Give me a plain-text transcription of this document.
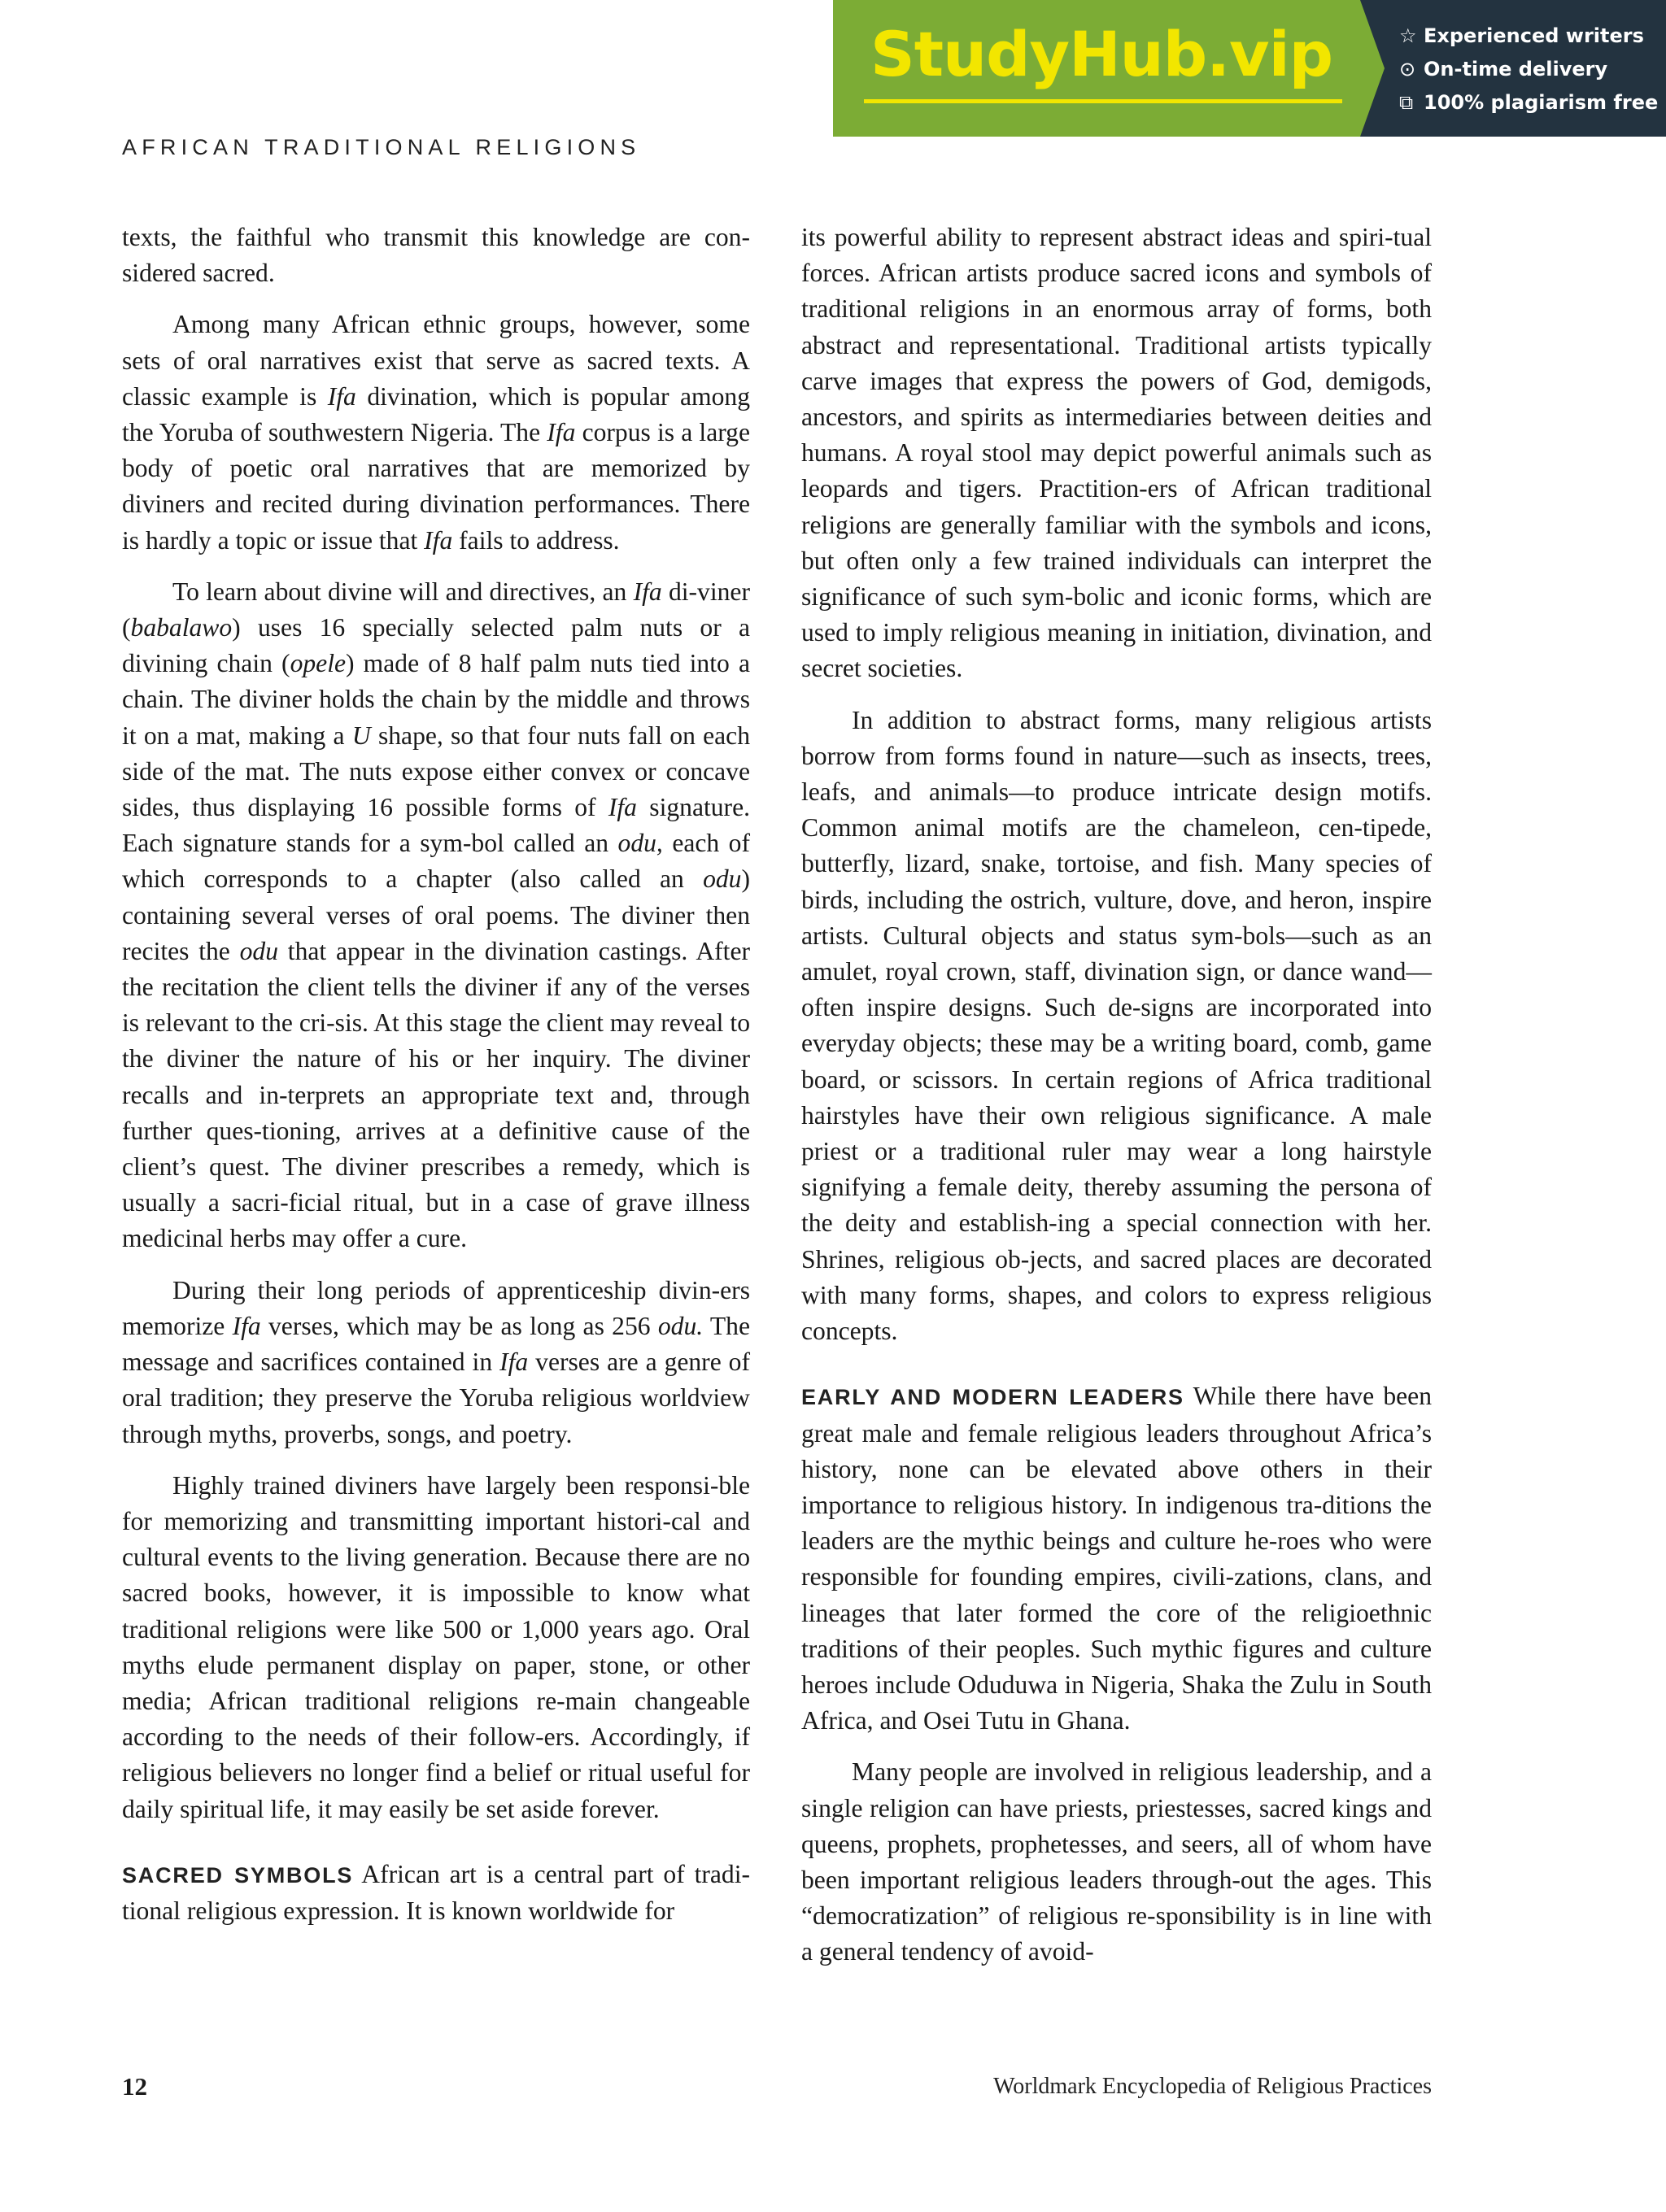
StudyHub.vip	☆ Experienced writers
⊙ On-time delivery
⧉ 100% plagiarism free
AFRICAN TRADITIONAL RELIGIONS

texts, the faithful who transmit this knowledge are con-sidered sacred.

Among many African ethnic groups, however, some sets of oral narratives exist that serve as sacred texts. A classic example is Ifa divination, which is popular among the Yoruba of southwestern Nigeria. The Ifa corpus is a large body of poetic oral narratives that are memorized by diviners and recited during divination performances. There is hardly a topic or issue that Ifa fails to address.

To learn about divine will and directives, an Ifa di-viner (babalawo) uses 16 specially selected palm nuts or a divining chain (opele) made of 8 half palm nuts tied into a chain. The diviner holds the chain by the middle and throws it on a mat, making a U shape, so that four nuts fall on each side of the mat. The nuts expose either convex or concave sides, thus displaying 16 possible forms of Ifa signature. Each signature stands for a sym-bol called an odu, each of which corresponds to a chapter (also called an odu) containing several verses of oral poems. The diviner then recites the odu that appear in the divination castings. After the recitation the client tells the diviner if any of the verses is relevant to the cri-sis. At this stage the client may reveal to the diviner the nature of his or her inquiry. The diviner recalls and in-terprets an appropriate text and, through further ques-tioning, arrives at a definitive cause of the client’s quest. The diviner prescribes a remedy, which is usually a sacri-ficial ritual, but in a case of grave illness medicinal herbs may offer a cure.

During their long periods of apprenticeship divin-ers memorize Ifa verses, which may be as long as 256 odu. The message and sacrifices contained in Ifa verses are a genre of oral tradition; they preserve the Yoruba religious worldview through myths, proverbs, songs, and poetry.

Highly trained diviners have largely been responsi-ble for memorizing and transmitting important histori-cal and cultural events to the living generation. Because there are no sacred books, however, it is impossible to know what traditional religions were like 500 or 1,000 years ago. Oral myths elude permanent display on paper, stone, or other media; African traditional religions re-main changeable according to the needs of their follow-ers. Accordingly, if religious believers no longer find a belief or ritual useful for daily spiritual life, it may easily be set aside forever.

SACRED SYMBOLS African art is a central part of tradi-tional religious expression. It is known worldwide for

its powerful ability to represent abstract ideas and spiri-tual forces. African artists produce sacred icons and symbols of traditional religions in an enormous array of forms, both abstract and representational. Traditional artists typically carve images that express the powers of God, demigods, ancestors, and spirits as intermediaries between deities and humans. A royal stool may depict powerful animals such as leopards and tigers. Practition-ers of African traditional religions are generally familiar with the symbols and icons, but often only a few trained individuals can interpret the significance of such sym-bolic and iconic forms, which are used to imply religious meaning in initiation, divination, and secret societies.

In addition to abstract forms, many religious artists borrow from forms found in nature—such as insects, trees, leafs, and animals—to produce intricate design motifs. Common animal motifs are the chameleon, cen-tipede, butterfly, lizard, snake, tortoise, and fish. Many species of birds, including the ostrich, vulture, dove, and heron, inspire artists. Cultural objects and status sym-bols—such as an amulet, royal crown, staff, divination sign, or dance wand—often inspire designs. Such de-signs are incorporated into everyday objects; these may be a writing board, comb, game board, or scissors. In certain regions of Africa traditional hairstyles have their own religious significance. A male priest or a traditional ruler may wear a long hairstyle signifying a female deity, thereby assuming the persona of the deity and establish-ing a special connection with her. Shrines, religious ob-jects, and sacred places are decorated with many forms, shapes, and colors to express religious concepts.

EARLY AND MODERN LEADERS While there have been great male and female religious leaders throughout Africa’s history, none can be elevated above others in their importance to religious history. In indigenous tra-ditions the leaders are the mythic beings and culture he-roes who were responsible for founding empires, civili-zations, clans, and lineages that later formed the core of the religioethnic traditions of their peoples. Such mythic figures and culture heroes include Oduduwa in Nigeria, Shaka the Zulu in South Africa, and Osei Tutu in Ghana.

Many people are involved in religious leadership, and a single religion can have priests, priestesses, sacred kings and queens, prophets, prophetesses, and seers, all of whom have been important religious leaders through-out the ages. This “democratization” of religious re-sponsibility is in line with a general tendency of avoid-

12	Worldmark Encyclopedia of Religious Practices
